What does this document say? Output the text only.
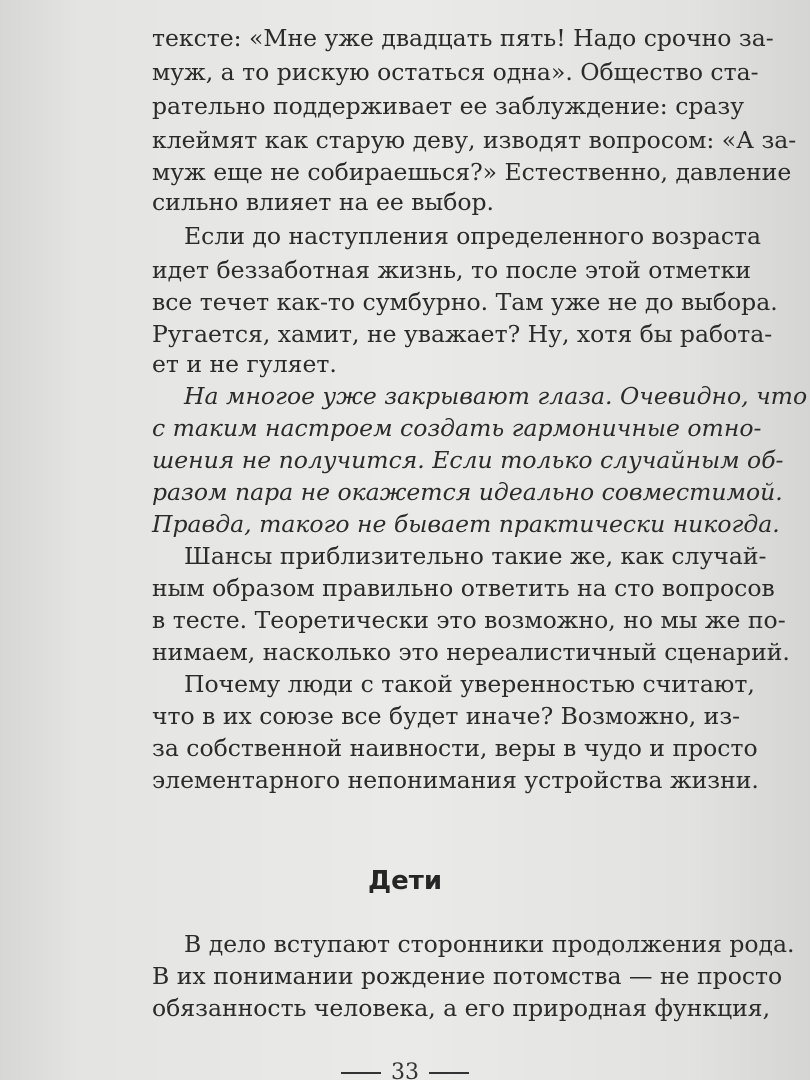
тексте: «Мне уже двадцать пять! Надо срочно за-
муж, а то рискую остаться одна». Общество ста-
рательно поддерживает ее заблуждение: сразу
клеймят как старую деву, изводят вопросом: «А за-
муж еще не собираешься?» Естественно, давление
сильно влияет на ее выбор.
Если до наступления определенного возраста
идет беззаботная жизнь, то после этой отметки
все течет как-то сумбурно. Там уже не до выбора.
Ругается, хамит, не уважает? Ну, хотя бы работа-
ет и не гуляет.
На многое уже закрывают глаза. Очевидно, что
с таким настроем создать гармоничные отно-
шения не получится. Если только случайным об-
разом пара не окажется идеально совместимой.
Правда, такого не бывает практически никогда.
Шансы приблизительно такие же, как случай-
ным образом правильно ответить на сто вопросов
в тесте. Теоретически это возможно, но мы же по-
нимаем, насколько это нереалистичный сценарий.
Почему люди с такой уверенностью считают,
что в их союзе все будет иначе? Возможно, из-
за собственной наивности, веры в чудо и просто
элементарного непонимания устройства жизни.
Дети
В дело вступают сторонники продолжения рода.
В их понимании рождение потомства — не просто
обязанность человека, а его природная функция,
33
